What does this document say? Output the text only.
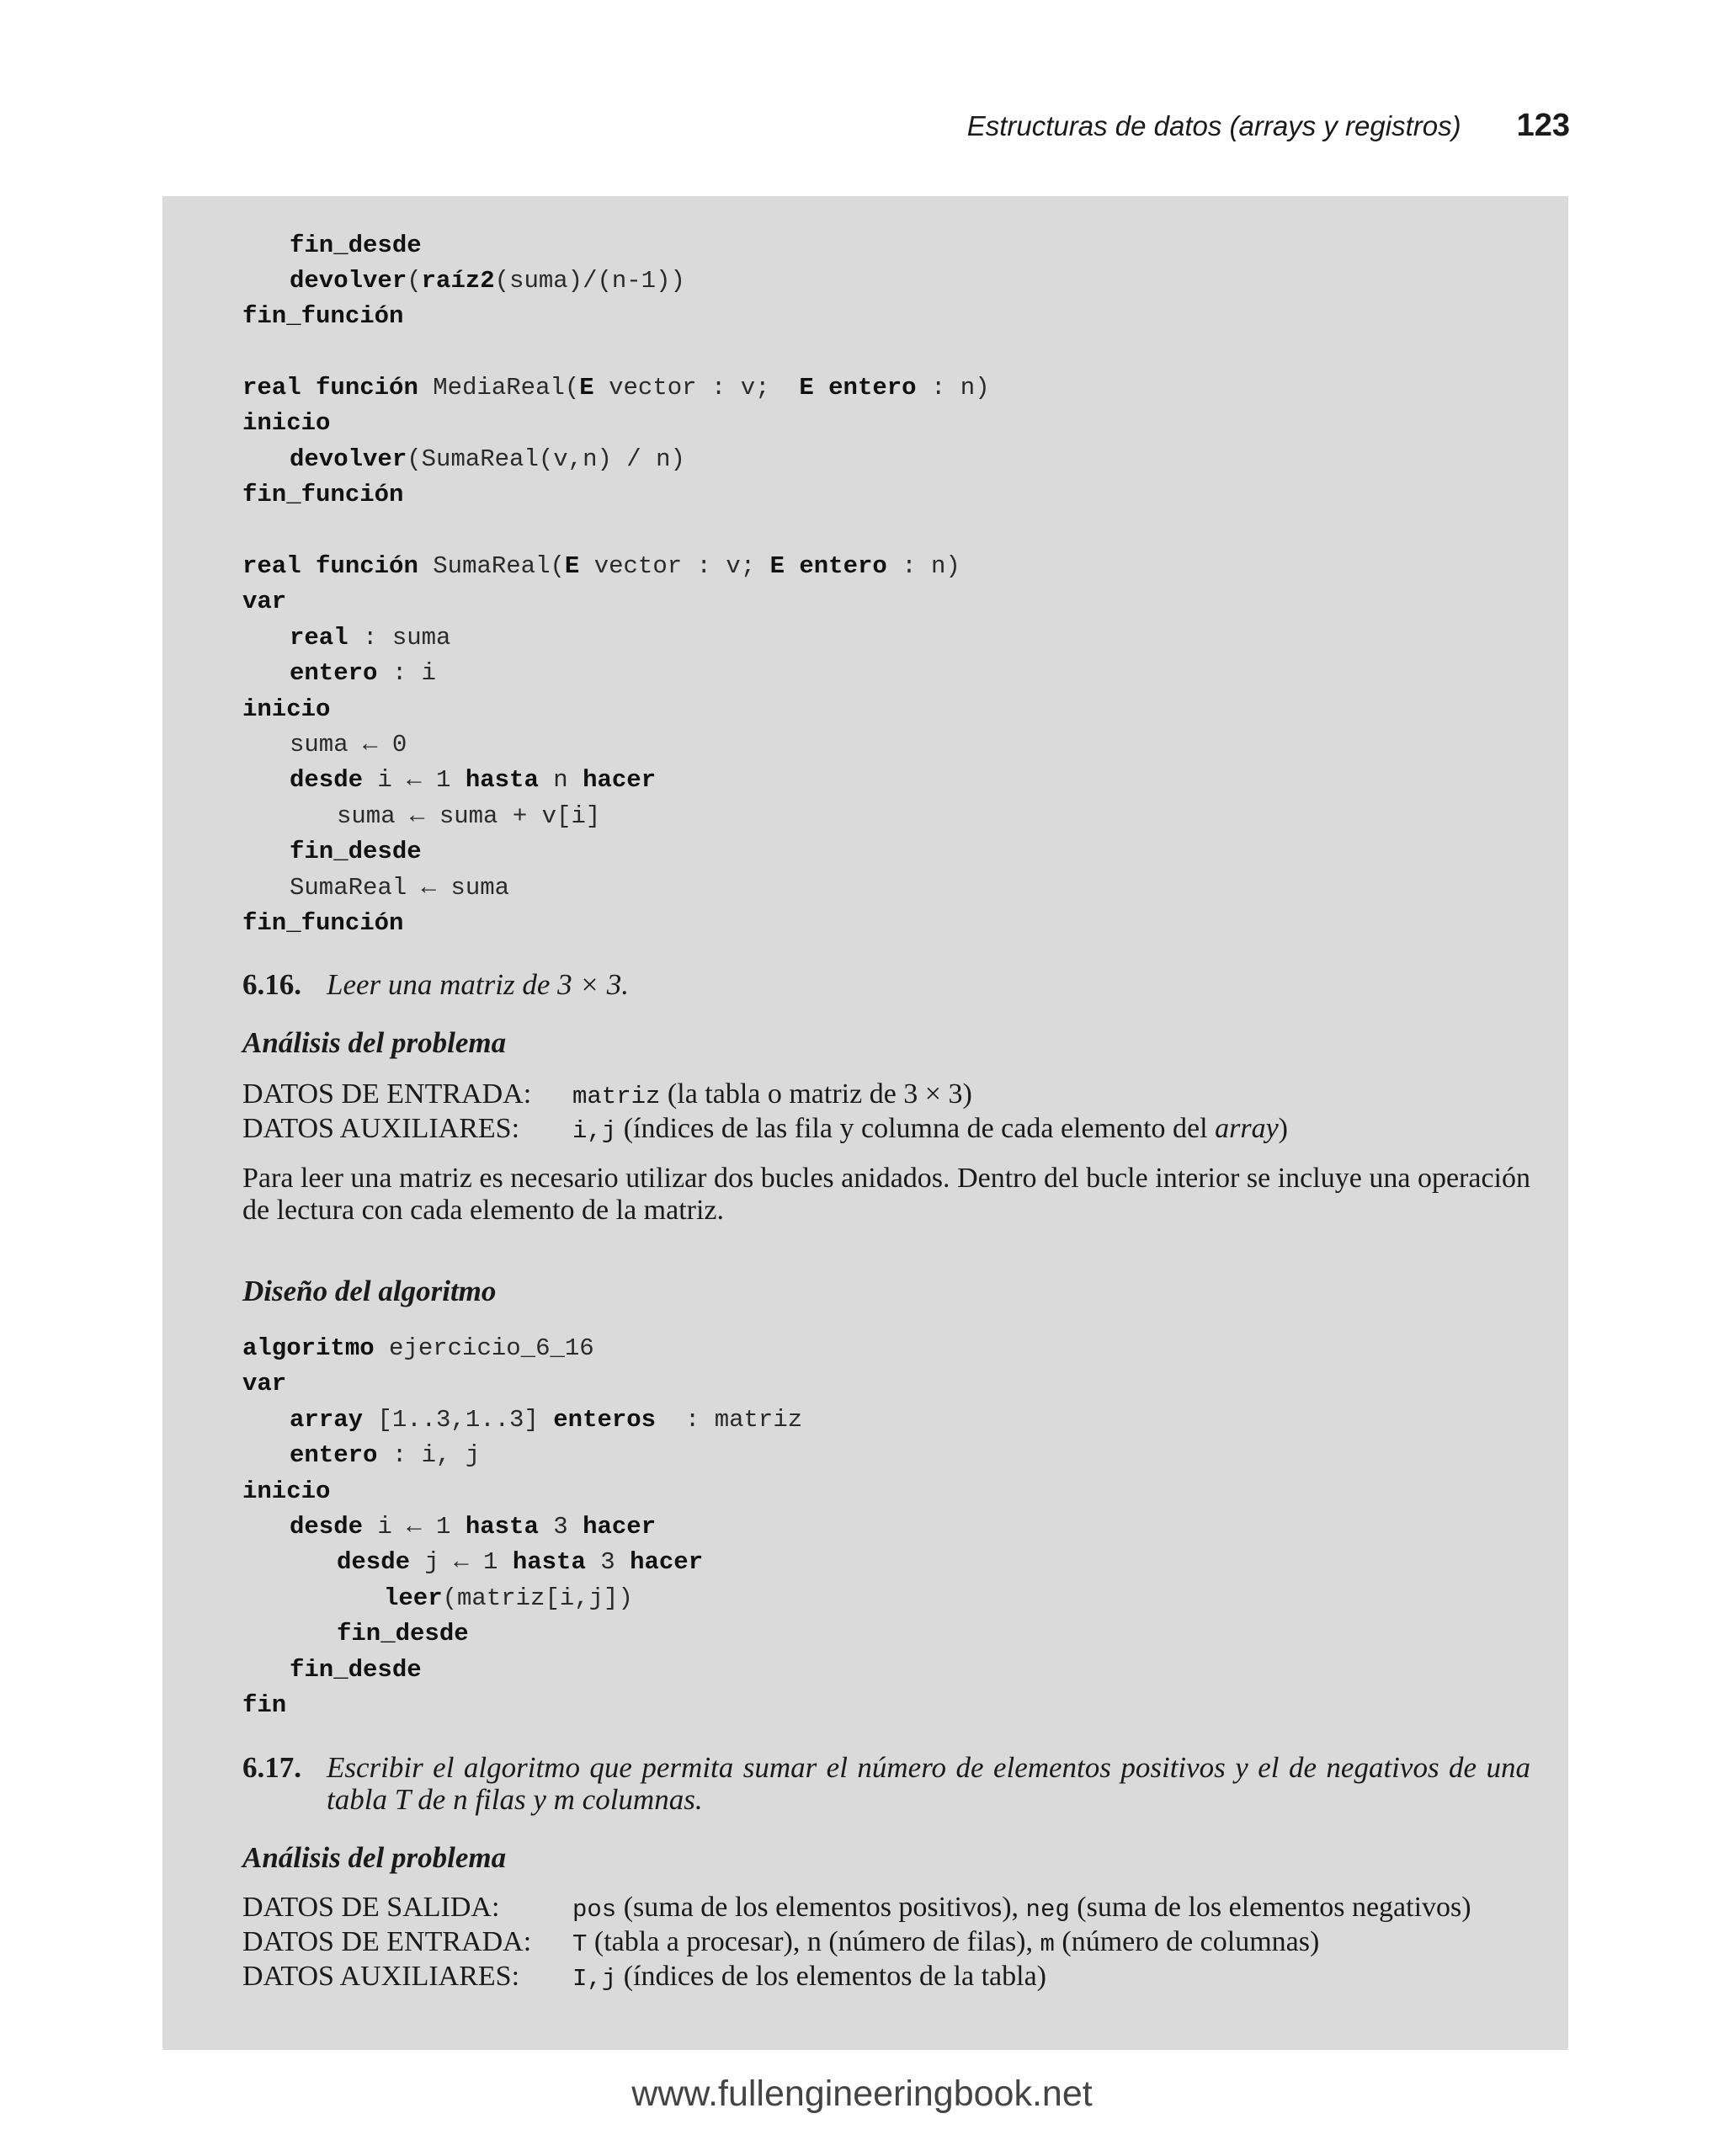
Estructuras de datos (arrays y registros) 123
fin_desde
devolver(raíz2(suma)/(n-1))
fin_función
real función MediaReal(E vector : v;  E entero : n)
inicio
devolver(SumaReal(v,n) / n)
fin_función
real función SumaReal(E vector : v; E entero : n)
var
real : suma
entero : i
inicio
suma ← 0
desde i ← 1 hasta n hacer
suma ← suma + v[i]
fin_desde
SumaReal ← suma
fin_función
6.16. Leer una matriz de 3 × 3.
Análisis del problema
DATOS DE ENTRADA:	matriz (la tabla o matriz de 3 × 3)
DATOS AUXILIARES:	i,j (índices de las fila y columna de cada elemento del array)
Para leer una matriz es necesario utilizar dos bucles anidados. Dentro del bucle interior se incluye una operación de lectura con cada elemento de la matriz.
Diseño del algoritmo
algoritmo ejercicio_6_16
var
array [1..3,1..3] enteros  : matriz
entero : i, j
inicio
desde i ← 1 hasta 3 hacer
desde j ← 1 hasta 3 hacer
leer(matriz[i,j])
fin_desde
fin_desde
fin
6.17. Escribir el algoritmo que permita sumar el número de elementos positivos y el de negativos de una tabla T de n filas y m columnas.
Análisis del problema
DATOS DE SALIDA:	pos (suma de los elementos positivos), neg (suma de los elementos negativos)
DATOS DE ENTRADA:	T (tabla a procesar), n (número de filas), m (número de columnas)
DATOS AUXILIARES:	I,j (índices de los elementos de la tabla)
www.fullengineeringbook.net
